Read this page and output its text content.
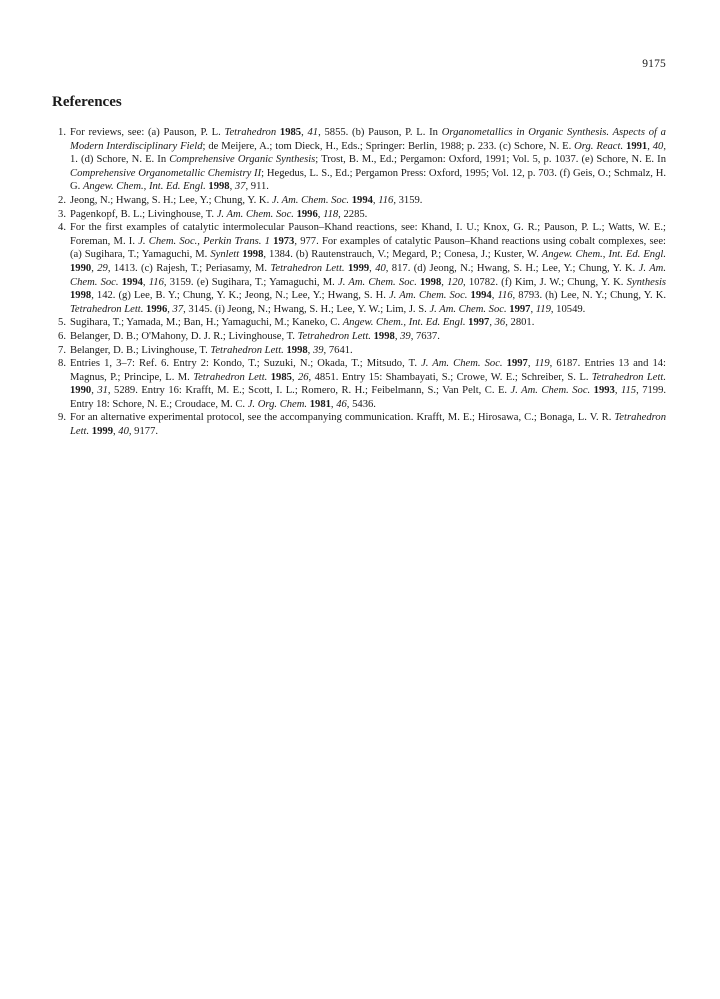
9175
References
1. For reviews, see: (a) Pauson, P. L. Tetrahedron 1985, 41, 5855. (b) Pauson, P. L. In Organometallics in Organic Synthesis. Aspects of a Modern Interdisciplinary Field; de Meijere, A.; tom Dieck, H., Eds.; Springer: Berlin, 1988; p. 233. (c) Schore, N. E. Org. React. 1991, 40, 1. (d) Schore, N. E. In Comprehensive Organic Synthesis; Trost, B. M., Ed.; Pergamon: Oxford, 1991; Vol. 5, p. 1037. (e) Schore, N. E. In Comprehensive Organometallic Chemistry II; Hegedus, L. S., Ed.; Pergamon Press: Oxford, 1995; Vol. 12, p. 703. (f) Geis, O.; Schmalz, H. G. Angew. Chem., Int. Ed. Engl. 1998, 37, 911.
2. Jeong, N.; Hwang, S. H.; Lee, Y.; Chung, Y. K. J. Am. Chem. Soc. 1994, 116, 3159.
3. Pagenkopf, B. L.; Livinghouse, T. J. Am. Chem. Soc. 1996, 118, 2285.
4. For the first examples of catalytic intermolecular Pauson–Khand reactions, see: Khand, I. U.; Knox, G. R.; Pauson, P. L.; Watts, W. E.; Foreman, M. I. J. Chem. Soc., Perkin Trans. 1 1973, 977. For examples of catalytic Pauson–Khand reactions using cobalt complexes, see: (a) Sugihara, T.; Yamaguchi, M. Synlett 1998, 1384. (b) Rautenstrauch, V.; Megard, P.; Conesa, J.; Kuster, W. Angew. Chem., Int. Ed. Engl. 1990, 29, 1413. (c) Rajesh, T.; Periasamy, M. Tetrahedron Lett. 1999, 40, 817. (d) Jeong, N.; Hwang, S. H.; Lee, Y.; Chung, Y. K. J. Am. Chem. Soc. 1994, 116, 3159. (e) Sugihara, T.; Yamaguchi, M. J. Am. Chem. Soc. 1998, 120, 10782. (f) Kim, J. W.; Chung, Y. K. Synthesis 1998, 142. (g) Lee, B. Y.; Chung, Y. K.; Jeong, N.; Lee, Y.; Hwang, S. H. J. Am. Chem. Soc. 1994, 116, 8793. (h) Lee, N. Y.; Chung, Y. K. Tetrahedron Lett. 1996, 37, 3145. (i) Jeong, N.; Hwang, S. H.; Lee, Y. W.; Lim, J. S. J. Am. Chem. Soc. 1997, 119, 10549.
5. Sugihara, T.; Yamada, M.; Ban, H.; Yamaguchi, M.; Kaneko, C. Angew. Chem., Int. Ed. Engl. 1997, 36, 2801.
6. Belanger, D. B.; O'Mahony, D. J. R.; Livinghouse, T. Tetrahedron Lett. 1998, 39, 7637.
7. Belanger, D. B.; Livinghouse, T. Tetrahedron Lett. 1998, 39, 7641.
8. Entries 1, 3–7: Ref. 6. Entry 2: Kondo, T.; Suzuki, N.; Okada, T.; Mitsudo, T. J. Am. Chem. Soc. 1997, 119, 6187. Entries 13 and 14: Magnus, P.; Principe, L. M. Tetrahedron Lett. 1985, 26, 4851. Entry 15: Shambayati, S.; Crowe, W. E.; Schreiber, S. L. Tetrahedron Lett. 1990, 31, 5289. Entry 16: Krafft, M. E.; Scott, I. L.; Romero, R. H.; Feibelmann, S.; Van Pelt, C. E. J. Am. Chem. Soc. 1993, 115, 7199. Entry 18: Schore, N. E.; Croudace, M. C. J. Org. Chem. 1981, 46, 5436.
9. For an alternative experimental protocol, see the accompanying communication. Krafft, M. E.; Hirosawa, C.; Bonaga, L. V. R. Tetrahedron Lett. 1999, 40, 9177.
